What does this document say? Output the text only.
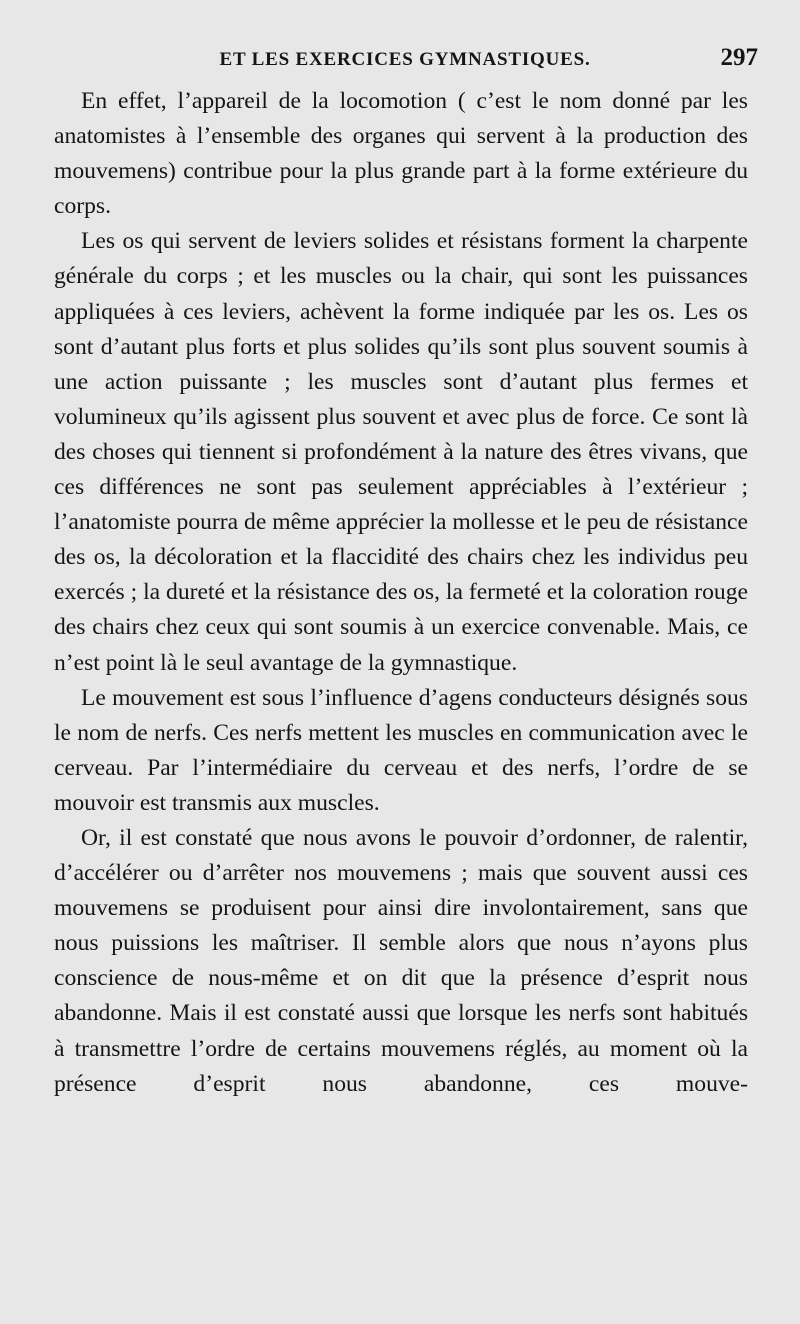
ET LES EXERCICES GYMNASTIQUES.	297

En effet, l’appareil de la locomotion ( c’est le nom donné par les anatomistes à l’ensemble des organes qui servent à la production des mouvemens) contribue pour la plus grande part à la forme extérieure du corps.

Les os qui servent de leviers solides et résistans forment la charpente générale du corps ; et les muscles ou la chair, qui sont les puissances appliquées à ces leviers, achèvent la forme indiquée par les os. Les os sont d’autant plus forts et plus solides qu’ils sont plus souvent soumis à une action puissante ; les muscles sont d’autant plus fermes et volumineux qu’ils agissent plus souvent et avec plus de force. Ce sont là des choses qui tiennent si profondément à la nature des êtres vivans, que ces différences ne sont pas seulement appréciables à l’extérieur ; l’anatomiste pourra de même apprécier la mollesse et le peu de résistance des os, la décoloration et la flaccidité des chairs chez les individus peu exercés ; la dureté et la résistance des os, la fermeté et la coloration rouge des chairs chez ceux qui sont soumis à un exercice convenable. Mais, ce n’est point là le seul avantage de la gymnastique.

Le mouvement est sous l’influence d’agens conducteurs désignés sous le nom de nerfs. Ces nerfs mettent les muscles en communication avec le cerveau. Par l’intermédiaire du cerveau et des nerfs, l’ordre de se mouvoir est transmis aux muscles.

Or, il est constaté que nous avons le pouvoir d’ordonner, de ralentir, d’accélérer ou d’arrêter nos mouvemens ; mais que souvent aussi ces mouvemens se produisent pour ainsi dire involontairement, sans que nous puissions les maîtriser. Il semble alors que nous n’ayons plus conscience de nous-même et on dit que la présence d’esprit nous abandonne. Mais il est constaté aussi que lorsque les nerfs sont habitués à transmettre l’ordre de certains mouvemens réglés, au moment où la présence d’esprit nous abandonne, ces mouve-
